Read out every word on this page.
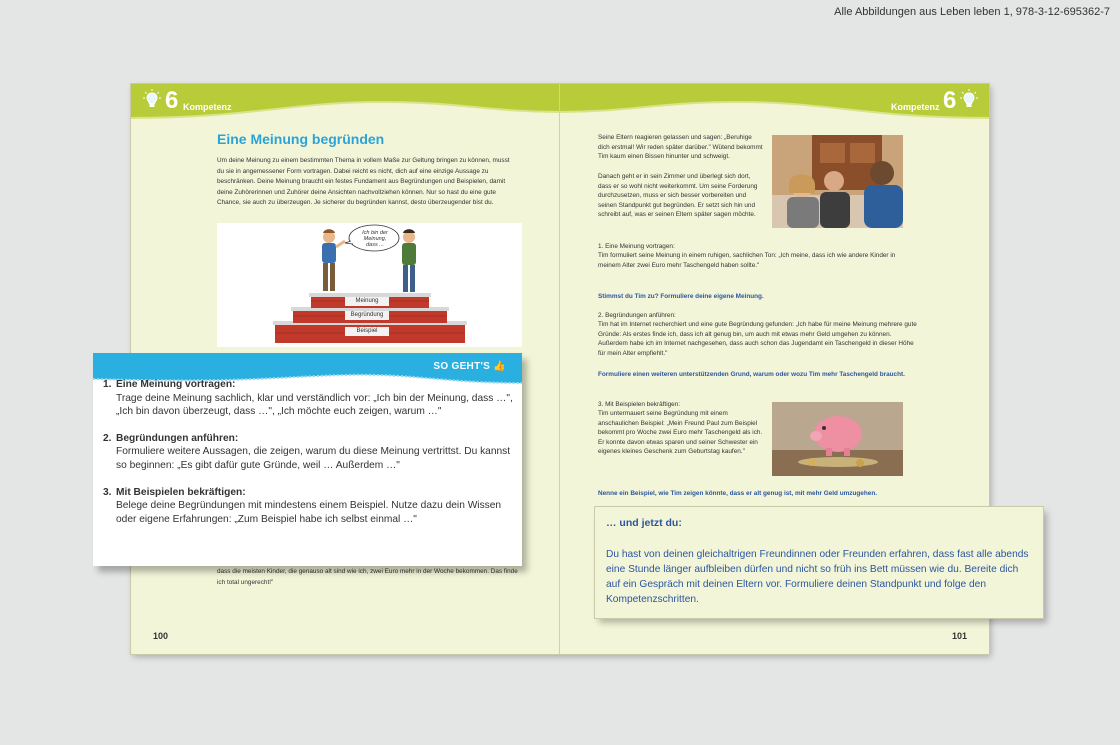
Alle Abbildungen aus Leben leben 1, 978-3-12-695362-7
6 Kompetenz
Eine Meinung begründen
Um deine Meinung zu einem bestimmten Thema in vollem Maße zur Geltung bringen zu können, musst du sie in angemessener Form vortragen. Dabei reicht es nicht, dich auf eine einzige Aussage zu beschränken. Deine Meinung braucht ein festes Fundament aus Begründungen und Beispielen, damit deine Zuhörerinnen und Zuhörer deine Ansichten nachvollziehen können. Nur so hast du eine gute Chance, sie auch zu überzeugen. Je sicherer du begründen kannst, desto überzeugender bist du.
Ich bin der Meinung, dass ...
Meinung
Begründung
Beispiel
dass die meisten Kinder, die genauso alt sind wie ich, zwei Euro mehr in der Woche bekommen. Das finde ich total ungerecht!"
100
Kompetenz 6
Seine Eltern reagieren gelassen und sagen: „Beruhige dich erstmal! Wir reden später darüber." Wütend bekommt Tim kaum einen Bissen hinunter und schweigt.
Danach geht er in sein Zimmer und überlegt sich dort, dass er so wohl nicht weiterkommt. Um seine Forderung durchzusetzen, muss er sich besser vorbereiten und seinen Standpunkt gut begründen. Er setzt sich hin und schreibt auf, was er seinen Eltern später sagen möchte.
1. Eine Meinung vortragen:
Tim formuliert seine Meinung in einem ruhigen, sachlichen Ton: „Ich meine, dass ich wie andere Kinder in meinem Alter zwei Euro mehr Taschengeld haben sollte."
Stimmst du Tim zu? Formuliere deine eigene Meinung.
2. Begründungen anführen:
Tim hat im Internet recherchiert und eine gute Begründung gefunden: „Ich habe für meine Meinung mehrere gute Gründe: Als erstes finde ich, dass ich alt genug bin, um auch mit etwas mehr Geld umgehen zu können. Außerdem habe ich im Internet nachgesehen, dass auch schon das Jugendamt ein Taschengeld in dieser Höhe für mein Alter empfiehlt."
Formuliere einen weiteren unterstützenden Grund, warum oder wozu Tim mehr Taschengeld braucht.
3. Mit Beispielen bekräftigen:
Tim untermauert seine Begründung mit einem anschaulichen Beispiel: „Mein Freund Paul zum Beispiel bekommt pro Woche zwei Euro mehr Taschengeld als ich. Er konnte davon etwas sparen und seiner Schwester ein eigenes kleines Geschenk zum Geburtstag kaufen."
Nenne ein Beispiel, wie Tim zeigen könnte, dass er alt genug ist, mit mehr Geld umzugehen.
101
SO GEHT'S 👍
1. Eine Meinung vortragen:
Trage deine Meinung sachlich, klar und verständlich vor: „Ich bin der Meinung, dass …", „Ich bin davon überzeugt, dass …", „Ich möchte euch zeigen, warum …"
2. Begründungen anführen:
Formuliere weitere Aussagen, die zeigen, warum du diese Meinung vertrittst. Du kannst so beginnen: „Es gibt dafür gute Gründe, weil … Außerdem …"
3. Mit Beispielen bekräftigen:
Belege deine Begründungen mit mindestens einem Beispiel. Nutze dazu dein Wissen oder eigene Erfahrungen: „Zum Beispiel habe ich selbst einmal …"	… und jetzt du:
Du hast von deinen gleichaltrigen Freundinnen oder Freunden erfahren, dass fast alle abends eine Stunde länger aufbleiben dürfen und nicht so früh ins Bett müssen wie du. Bereite dich auf ein Gespräch mit deinen Eltern vor. Formuliere deinen Standpunkt und folge den Kompetenzschritten.
